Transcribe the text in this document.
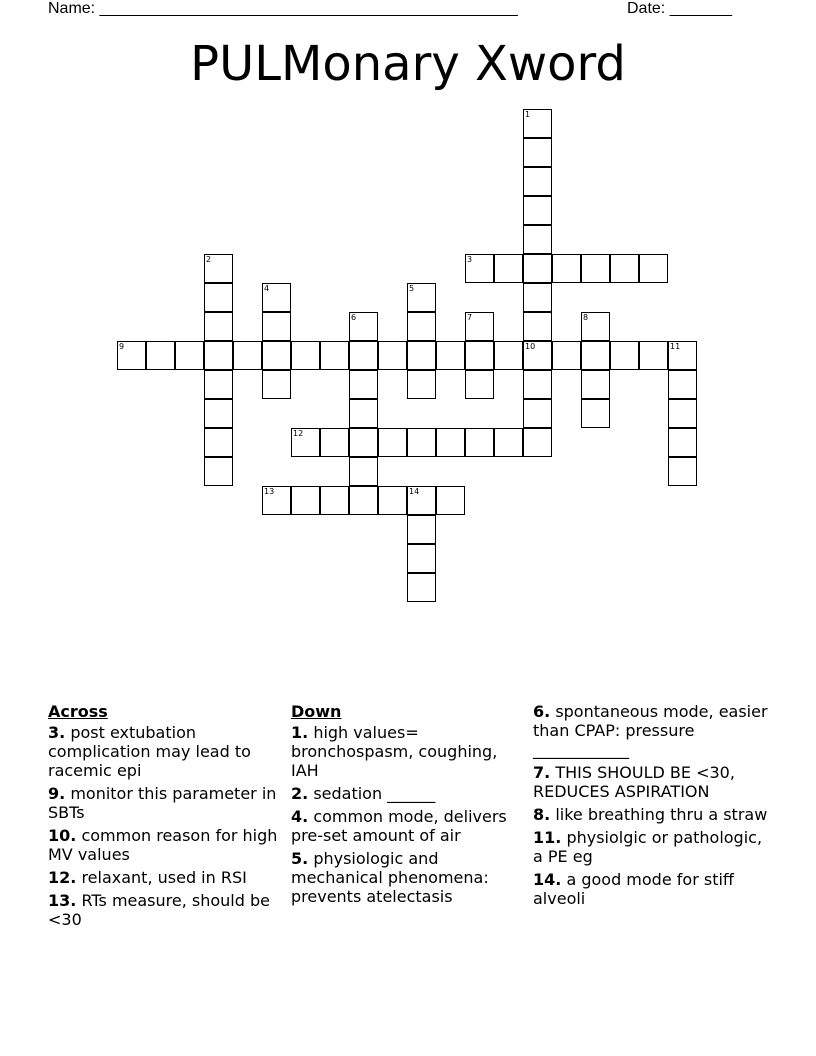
Name: _______________________________________________	Date: _______
PULMonary Xword
1
10
2	3
4	5
6	7	8
9	11
12
13	14
Across
3. post extubation complication may lead to racemic epi
9. monitor this parameter in SBTs
10. common reason for high MV values
12. relaxant, used in RSI
13. RTs measure, should be <30
Down
1. high values= bronchospasm, coughing, IAH
2. sedation ______
4. common mode, delivers pre-set amount of air
5. physiologic and mechanical phenomena: prevents atelectasis
6. spontaneous mode, easier than CPAP: pressure ____________
7. THIS SHOULD BE <30, REDUCES ASPIRATION
8. like breathing thru a straw
11. physiolgic or pathologic, a PE eg
14. a good mode for stiff alveoli
